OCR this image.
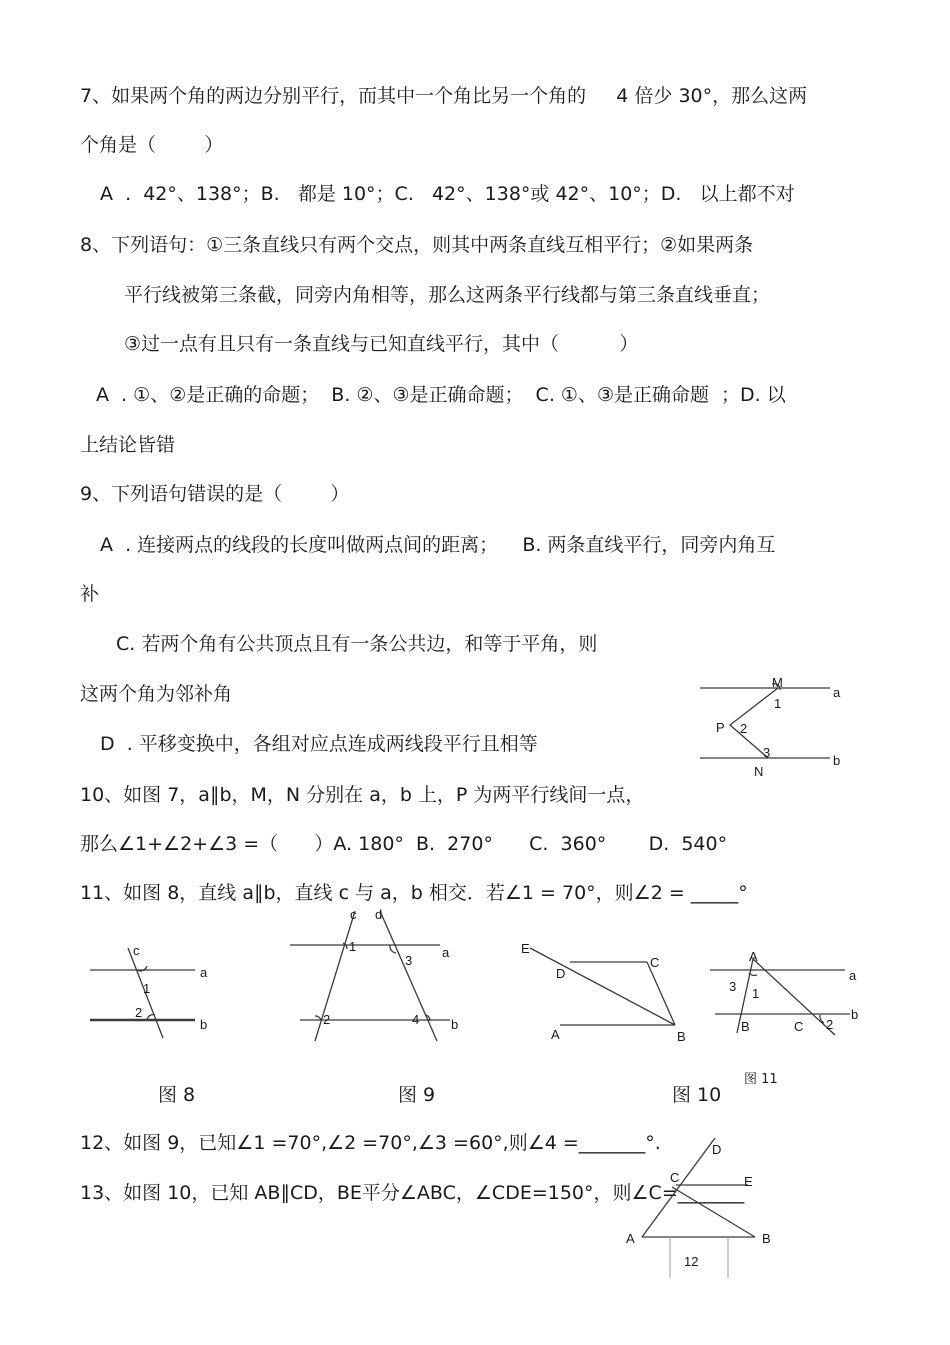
7、如果两个角的两边分别平行，而其中一个角比另一个角的     4 倍少 30°，那么这两
个角是（        ）
A  .  42°、138°；B.   都是 10°；C.   42°、138°或 42°、10°；D.   以上都不对
8、下列语句：①三条直线只有两个交点，则其中两条直线互相平行；②如果两条
平行线被第三条截，同旁内角相等，那么这两条平行线都与第三条直线垂直；
③过一点有且只有一条直线与已知直线平行，其中（          ）
A  . ①、②是正确的命题；  B. ②、③是正确命题；  C. ①、③是正确命题  ；D. 以
上结论皆错
9、下列语句错误的是（        ）
A  . 连接两点的线段的长度叫做两点间的距离；    B. 两条直线平行，同旁内角互
补
C. 若两个角有公共顶点且有一条公共边，和等于平角，则
这两个角为邻补角
D  . 平移变换中，各组对应点连成两线段平行且相等
10、如图 7，a∥b，M，N 分别在 a，b 上，P 为两平行线间一点，
那么∠1+∠2+∠3 =（      ）A. 180°  B.  270°      C.  360°       D.  540°
11、如图 8，直线 a∥b，直线 c 与 a，b 相交．若∠1 = 70°，则∠2 = _____°
12、如图 9，已知∠1 =70°,∠2 =70°,∠3 =60°,则∠4 =_______°.
13、如图 10，已知 AB∥CD，BE平分∠ABC，∠CDE=150°，则∠C=_______
M
a
1
P 2
3
b
N
c
a
1
2
b
图 8
c d
1
3
a
2	4 b
图 9
E
D
C
A	B
图 10
A
a
3 1
b
B	C 2
图 11
D
C	E
A	B
12
